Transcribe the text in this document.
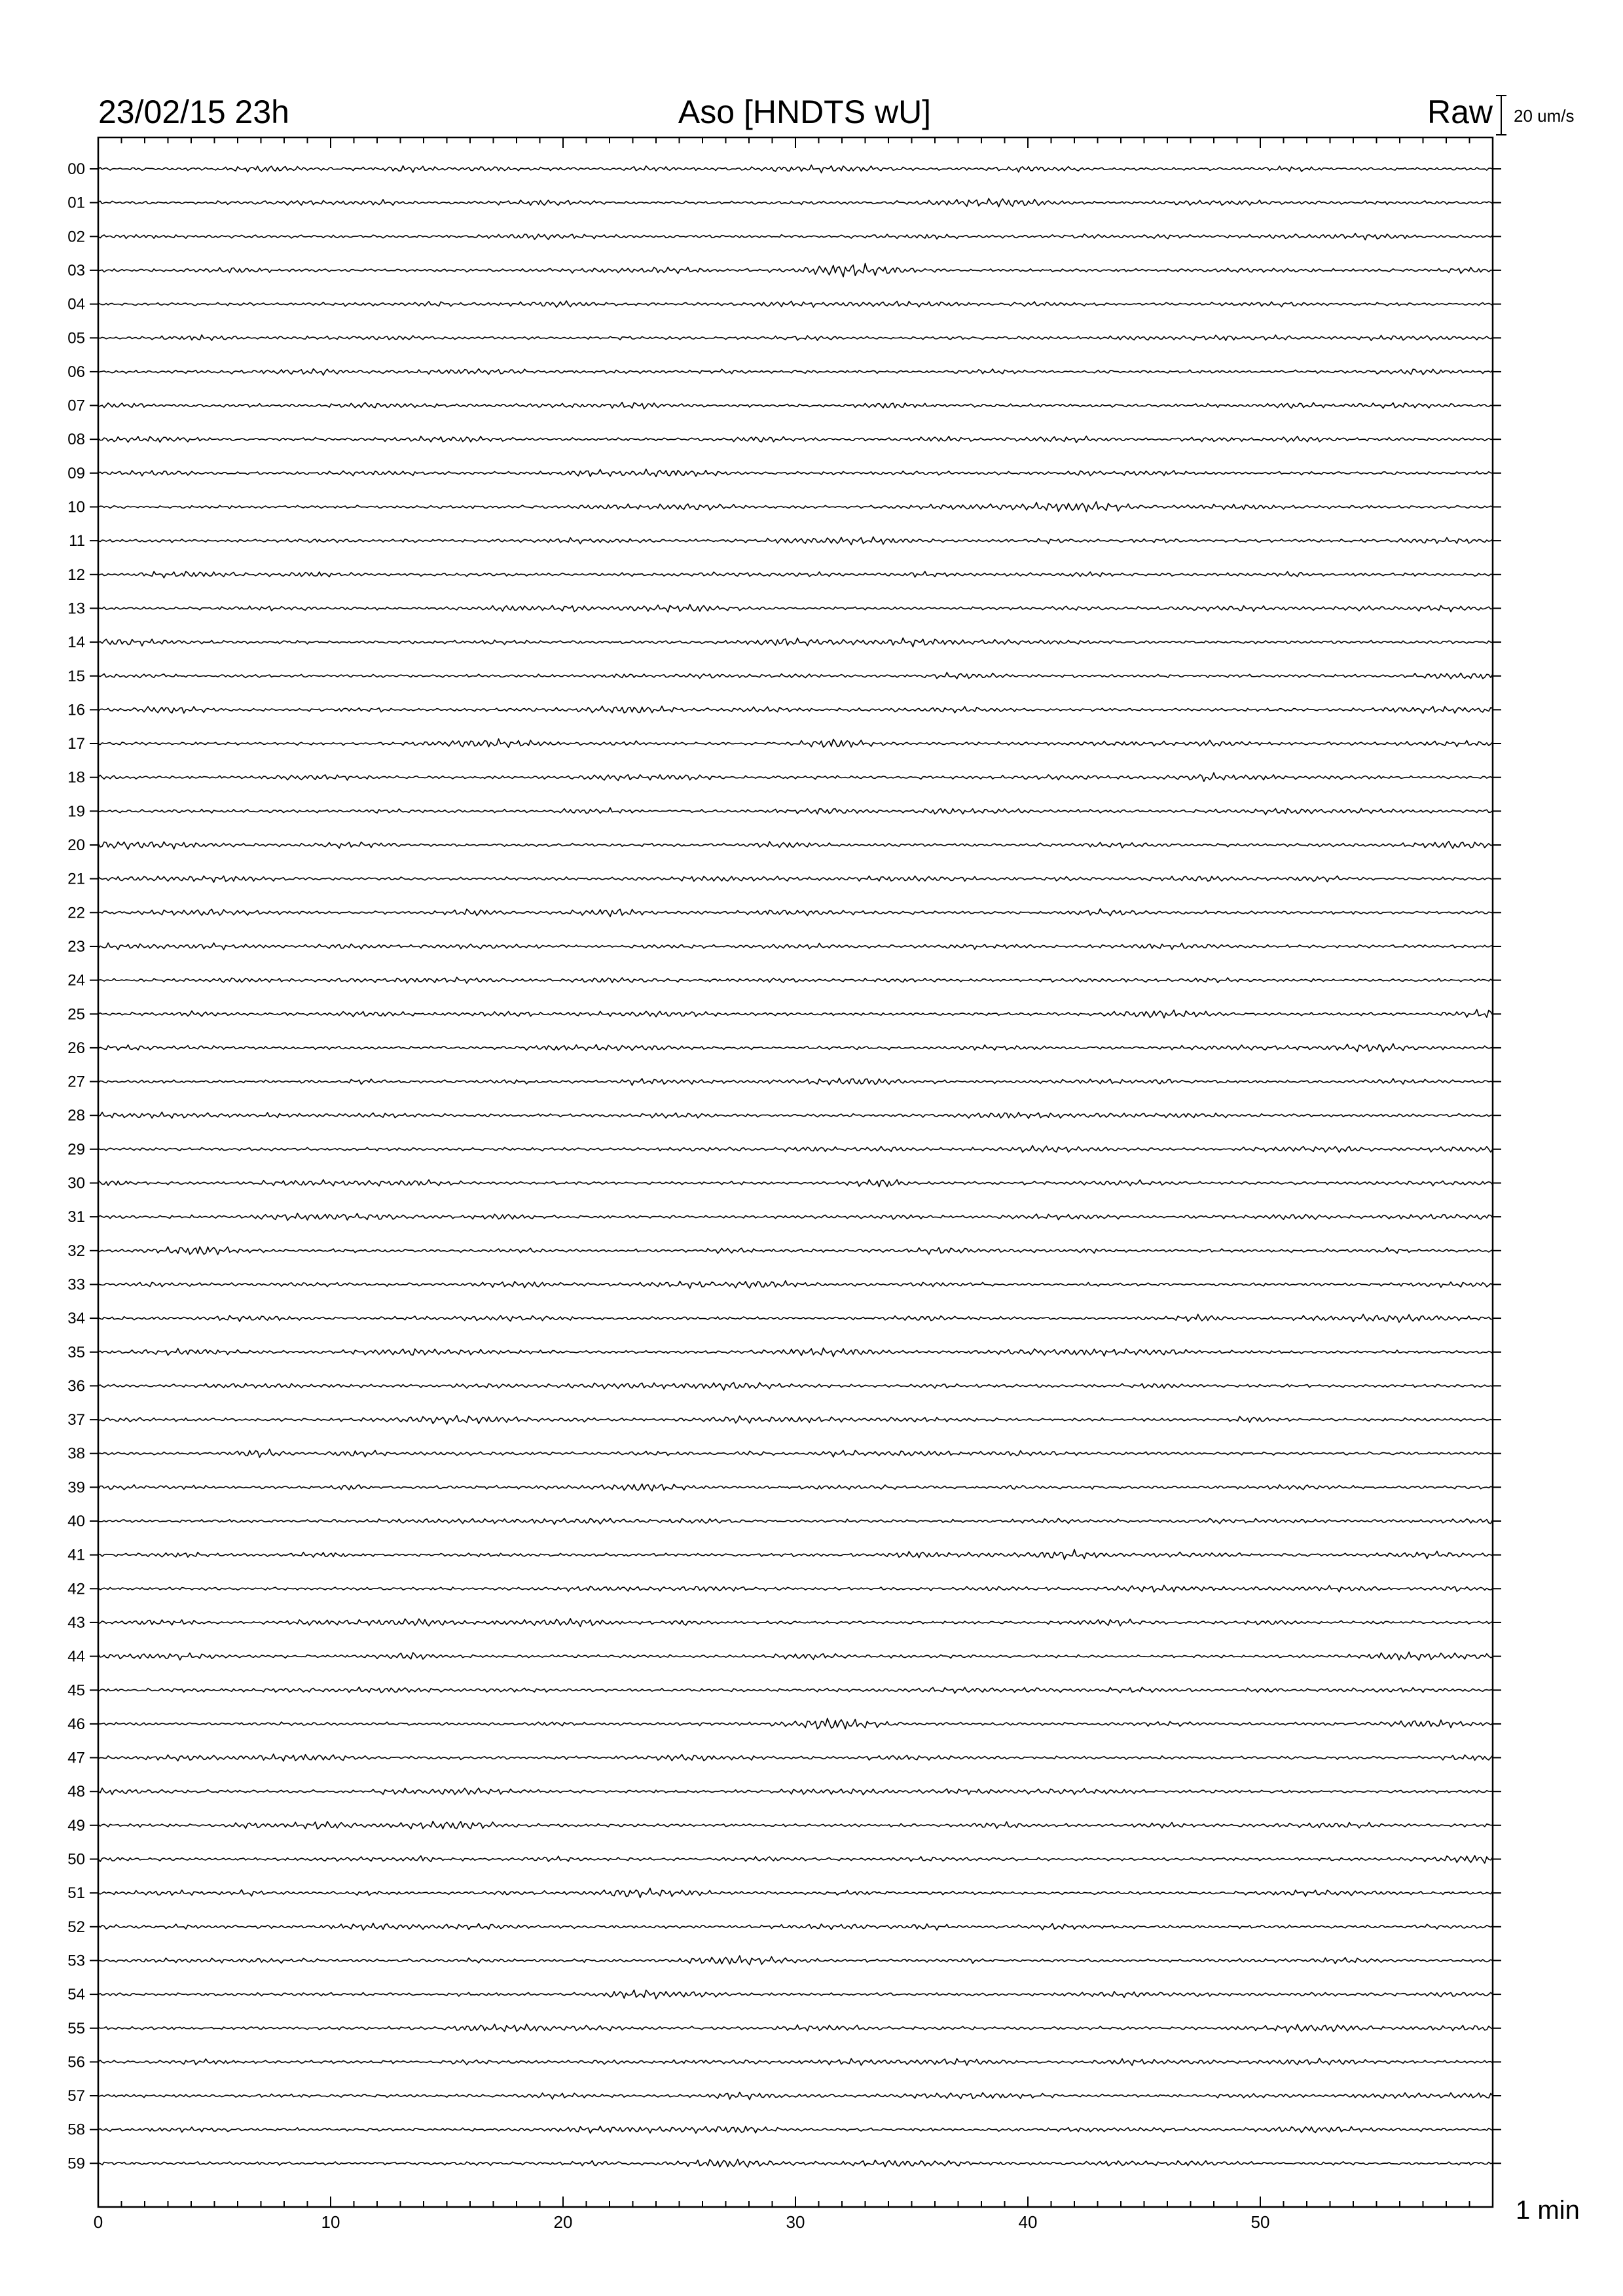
23/02/15 23h	Aso [HNDTS wU]	Raw 20 um/s
00
01
02
03
04
05
06
07
08
09
10
11
12
13
14
15
16
17
18
19
20
21
22
23
24
25
26
27
28
29
30
31
32
33
34
35
36
37
38
39
40
41
42
43
44
45
46
47
48
49
50
51
52
53
54
55
56
57
58
59
0	10	20	30	40	50	1 min
